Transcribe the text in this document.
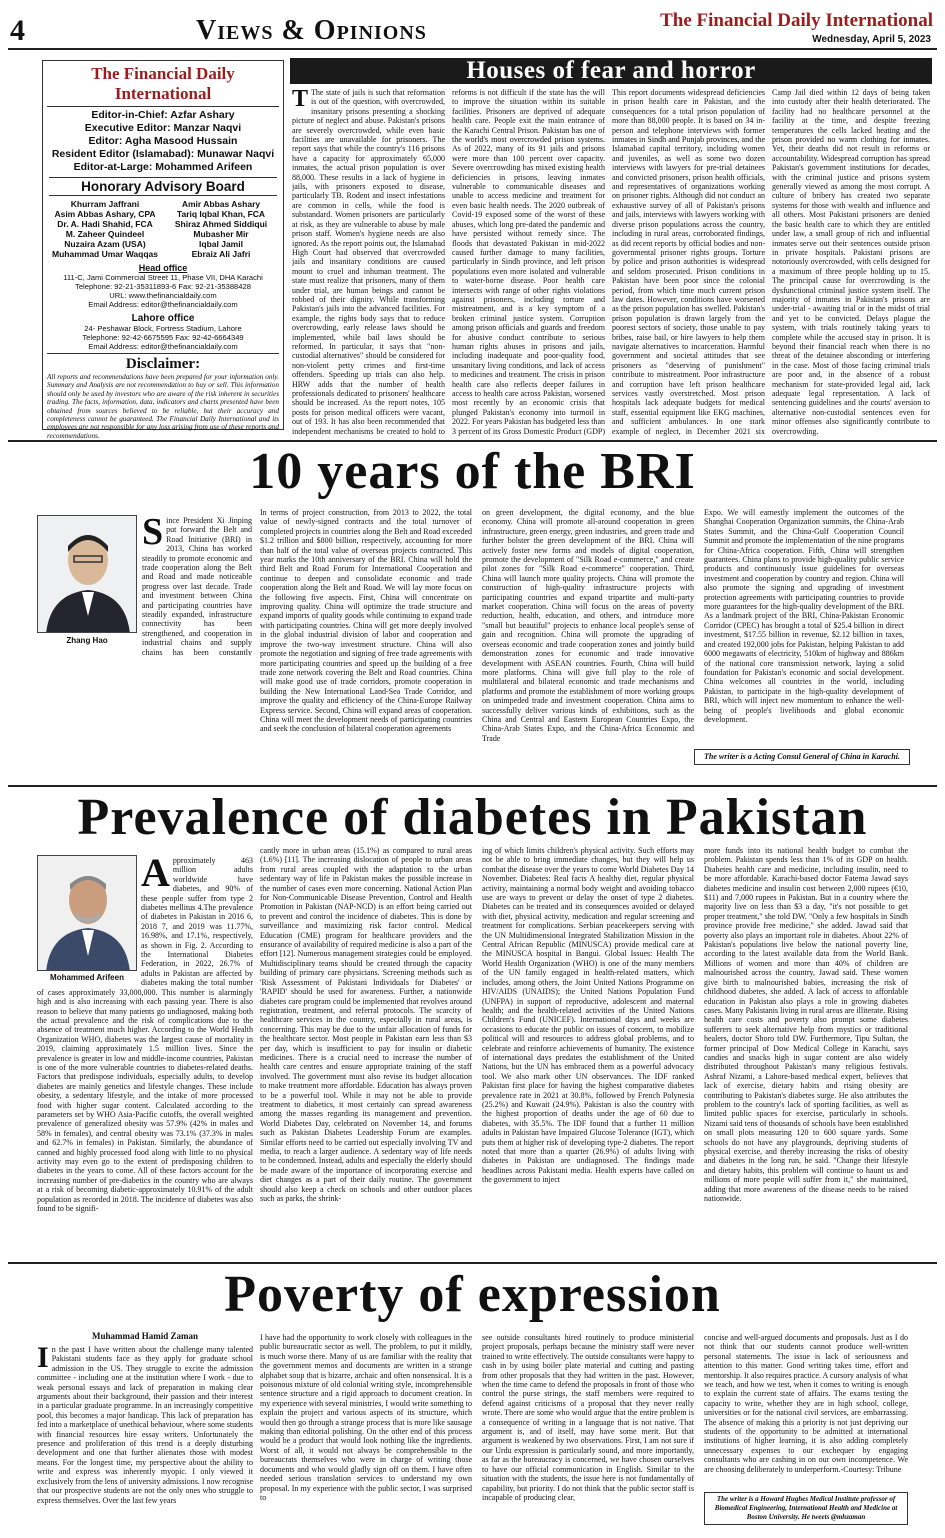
4	Views & Opinions	The Financial Daily International
Wednesday, April 5, 2023
The Financial Daily International
Editor-in-Chief: Azfar Ashary
Executive Editor: Manzar Naqvi
Editor: Agha Masood Hussain
Resident Editor (Islamabad): Munawar Naqvi
Editor-at-Large: Mohammed Arifeen
Honorary Advisory Board
Khurram Jaffrani	Amir Abbas Ashary
Asim Abbas Ashary, CPA	Tariq Iqbal Khan, FCA
Dr. A. Hadi Shahid, FCA	Shiraz Ahmed Siddiqui
M. Zaheer Quindeel	Mubasher Mir
Nuzaira Azam (USA)	Iqbal Jamil
Muhammad Umar Waqqas	Ebraiz Ali Jafri
Head office
111-C, Jami Commercial Street 11, Phase VII, DHA Karachi
Telephone: 92-21-35311893-6 Fax: 92-21-35388428
URL: www.thefinancialdaily.com
Email Address: editor@thefinancialdaily.com
Lahore office
24- Peshawar Block, Fortress Stadium, Lahore
Telephone: 92-42-6675595 Fax: 92-42-6664349
Email Address: editor@thefinancialdaily.com
Disclaimer:
All reports and recommendations have been prepared for your information only. Summary and Analysis are not recommendation to buy or sell. This information should only be used by investors who are aware of the risk inherent in securities trading. The facts, information, data, indicators and charts presented have been obtained from sources believed to be reliable, but their accuracy and completeness cannot be guaranteed. The Financial Daily International and its employees are not responsible for any loss arising from use of these reports and recommendations.
Houses of fear and horror
T The state of jails is such that reformation is out of the question, with overcrowded, insanitary prisons presenting a shocking picture of neglect and abuse. Pakistan's prisons are severely overcrowded, while even basic facilities are unavailable for prisoners. The report says that while the country's 116 prisons have a capacity for approximately 65,000 inmates, the actual prison population is over 88,000. These results in a lack of hygiene in jails, with prisoners exposed to disease, particularly TB. Rodent and insect infestations are common in cells, while the food is substandard. Women prisoners are particularly at risk, as they are vulnerable to abuse by male prison staff. Women's hygiene needs are also ignored. As the report points out, the Islamabad High Court had observed that overcrowded jails and insanitary conditions are caused mount to cruel and inhuman treatment. The state must realize that prisoners, many of them under trial, are human beings and cannot be robbed of their dignity. While transforming Pakistan's jails into the advanced facilities. For example, the rights body says that to reduce overcrowding, early release laws should be implemented, while bail laws should be reformed. In particular, it says that "non-custodial alternatives" should be considered for non-violent petty crimes and first-time offenders. Speeding up trials can also help. HRW adds that the number of health professionals dedicated to prisoners' healthcare should be increased. As the report notes, 105 posts for prison medical officers were vacant, out of 193. It has also been recommended that independent mechanisms be created to hold to
reforms is not difficult if the state has the will to improve the situation within its suitable facilities. Prisoners are deprived of adequate health care. People exit the main entrance of the Karachi Central Prison. Pakistan has one of the world's most overcrowded prison systems. As of 2022, many of its 91 jails and prisons were more than 100 percent over capacity. Severe overcrowding has mixed existing health deficiencies in prisons, leaving inmates vulnerable to communicable diseases and unable to access medicine and treatment for even basic health needs. The 2020 outbreak of Covid-19 exposed some of the worst of these abuses, which long pre-dated the pandemic and have persisted without remedy since. The floods that devastated Pakistan in mid-2022 caused further damage to many facilities, particularly in Sindh province, and left prison populations even more isolated and vulnerable to water-borne disease. Poor health care intersects with range of other rights violations against prisoners, including torture and mistreatment, and is a key symptom of a broken criminal justice system. Corruption among prison officials and guards and freedom for abusive conduct contribute to serious human rights abuses in prisons and jails, including inadequate and poor-quality food, unsanitary living conditions, and lack of access to medicines and treatment. The crisis in prison health care also reflects deeper failures in access to health care across Pakistan, worsened most recently by an economic crisis that plunged Pakistan's economy into turmoil in 2022. For years Pakistan has budgeted less than 3 percent of its Gross Domestic Product (GDP)
This report documents widespread deficiencies in prison health care in Pakistan, and the consequences for a total prison population of more than 88,000 people. It is based on 34 in-person and telephone interviews with former inmates in Sindh and Punjab provinces, and the Islamabad capital territory, including women and juveniles, as well as some two dozen interviews with lawyers for pre-trial detainees and convicted prisoners, prison health officials, and representatives of organizations working on prisoner rights. Although did not conduct an exhaustive survey of all of Pakistan's prisons and jails, interviews with lawyers working with diverse prison populations across the country, including in rural areas, corroborated findings, as did recent reports by official bodies and non-governmental prisoner rights groups. Torture by police and prison authorities is widespread and seldom prosecuted. Prison conditions in Pakistan have been poor since the colonial period, from which time much current prison law dates. However, conditions have worsened as the prison population has swelled. Pakistan's prison population is drawn largely from the poorest sectors of society, those unable to pay bribes, raise bail, or hire lawyers to help them navigate alternatives to incarceration. Harmful government and societal attitudes that see prisoners as "deserving of punishment" contribute to mistreatment. Poor infrastructure and corruption have left prison healthcare services vastly overstretched. Most prison hospitals lack adequate budgets for medical staff, essential equipment like EKG machines, and sufficient ambulances. In one stark example of neglect, in December 2021 six
Camp Jail died within 12 days of being taken into custody after their health deteriorated. The facility had no healthcare personnel at the facility at the time, and despite freezing temperatures the cells lacked heating and the prison provided no warm clothing for inmates. Yet, their deaths did not result in reforms or accountability. Widespread corruption has spread Pakistan's government institutions for decades, with the criminal justice and prisons system generally viewed as among the most corrupt. A culture of bribery has created two separate systems for those with wealth and influence and all others. Most Pakistani prisoners are denied the basic health care to which they are entitled under law, a small group of rich and influential inmates serve out their sentences outside prison in private hospitals. Pakistani prisons are notoriously overcrowded, with cells designed for a maximum of three people holding up to 15. The principal cause for overcrowding is the dysfunctional criminal justice system itself. The majority of inmates in Pakistan's prisons are under-trial - awaiting trial or in the midst of trial and yet to be convicted. Delays plague the system, with trials routinely taking years to complete while the accused stay in prison. It is beyond their financial reach when there is no threat of the detainee absconding or interfering in the case. Most of those facing criminal trials are poor and, in the absence of a robust mechanism for state-provided legal aid, lack adequate legal representation. A lack of sentencing guidelines and the courts' aversion to alternative non-custodial sentences even for minor offenses also significantly contribute to overcrowding.
10 years of the BRI
Zhang Hao
Since President Xi Jinping put forward the Belt and Road Initiative (BRI) in 2013, China has worked steadily to promote economic and trade cooperation along the Belt and Road and made noticeable progress over last decade. Trade and investment between China and participating countries have steadily expanded, infrastructure connectivity has been strengthened, and cooperation in industrial chains and supply chains has been constantly
In terms of project construction, from 2013 to 2022, the total value of newly-signed contracts and the total turnover of completed projects in countries along the Belt and Road exceeded $1.2 trillion and $800 billion, respectively, accounting for more than half of the total value of overseas projects contracted. This year marks the 10th anniversary of the BRI. China will hold the third Belt and Road Forum for International Cooperation and continue to deepen and consolidate economic and trade cooperation along the Belt and Road. We will lay more focus on the following five aspects. First, China will concentrate on improving quality. China will optimize the trade structure and expand imports of quality goods while continuing to expand trade with participating countries. China will get more deeply involved in the global industrial division of labor and cooperation and improve the two-way investment structure. China will also promote the negotiation and signing of free trade agreements with more participating countries and speed up the building of a free trade zone network covering the Belt and Road countries. China will make good use of trade corridors, promote cooperation in building the New International Land-Sea Trade Corridor, and improve the quality and efficiency of the China-Europe Railway Express service. Second, China will expand areas of cooperation. China will meet the development needs of participating countries and seek the conclusion of bilateral cooperation agreements
on green development, the digital economy, and the blue economy. China will promote all-around cooperation in green infrastructure, green energy, green industries, and green trade and further bolster the green development of the BRI. China will actively foster new forms and models of digital cooperation, promote the development of "Silk Road e-commerce," and create pilot zones for "Silk Road e-commerce" cooperation. Third, China will launch more quality projects. China will promote the construction of high-quality infrastructure projects with participating countries and expand tripartite and multi-party market cooperation. China will focus on the areas of poverty reduction, health, education, and others, and introduce more "small but beautiful" projects to enhance local people's sense of gain and recognition. China will promote the upgrading of overseas economic and trade cooperation zones and jointly build demonstration zones for economic and trade innovative development with ASEAN countries. Fourth, China will build more platforms. China will give full play to the role of multilateral and bilateral economic and trade mechanisms and platforms and promote the establishment of more working groups on unimpeded trade and investment cooperation. China aims to successfully deliver various kinds of exhibitions, such as the China and Central and Eastern European Countries Expo, the China-Arab States Expo, and the China-Africa Economic and Trade
Expo. We will earnestly implement the outcomes of the Shanghai Cooperation Organization summits, the China-Arab States Summit, and the China-Gulf Cooperation Council Summit and promote the implementation of the nine programs for China-Africa cooperation. Fifth, China will strengthen guarantees. China plans to provide high-quality public service products and continuously issue guidelines for overseas investment and cooperation by country and region. China will also promote the signing and upgrading of investment protection agreements with participating countries to provide more guarantees for the high-quality development of the BRI. As a landmark project of the BRI, China-Pakistan Economic Corridor (CPEC) has brought a total of $25.4 billion in direct investment, $17.55 billion in revenue, $2.12 billion in taxes, and created 192,000 jobs for Pakistan, helping Pakistan to add 6000 megawatts of electricity, 510km of highway and 886km of the national core transmission network, laying a solid foundation for Pakistan's economic and social development. China welcomes all countries in the world, including Pakistan, to participate in the high-quality development of BRI, which will inject new momentum to enhance the well-being of people's livelihoods and global economic development.
The writer is a Acting Consul General of China in Karachi.
Prevalence of diabetes in Pakistan
Mohammed Arifeen
Approximately 463 million adults worldwide have diabetes, and 90% of these people suffer from type 2 diabetes mellitus 4.The prevalence of diabetes in Pakistan in 2016 6, 2018 7, and 2019 was 11.77%, 16.98%, and 17.1%, respectively, as shown in Fig. 2. According to the International Diabetes Federation, in 2022, 26.7% of adults in Pakistan are affected by diabetes making the total number of cases approximately 33,000,000. This number is alarmingly high and is also increasing with each passing year. There is also reason to believe that many patients go undiagnosed, making both the actual prevalence and the risk of complications due to the absence of treatment much higher. According to the World Health Organization WHO, diabetes was the largest cause of mortality in 2019, claiming approximately 1.5 million lives. Since the prevalence is greater in low and middle-income countries, Pakistan is one of the more vulnerable countries to diabetes-related deaths. Factors that predispose individuals, especially adults, to develop diabetes are mainly genetics and lifestyle changes. These include obesity, a sedentary lifestyle, and the intake of more processed food with higher sugar content. Calculated according to the parameters set by WHO Asia-Pacific cutoffs, the overall weighted prevalence of generalized obesity was 57.9% (42% in males and 58% in females), and central obesity was 73.1% (37.3% in males and 62.7% in females) in Pakistan. Similarly, the abundance of canned and highly processed food along with little to no physical activity may even go to the extent of predisposing children to diabetes in the years to come. All of these factors account for the increasing number of pre-diabetics in the country who are always at a risk of becoming diabetic-approximately 10.91% of the adult population as recorded in 2018. The incidence of diabetes was also found to be signifi-
cantly more in urban areas (15.1%) as compared to rural areas (1.6%) [11]. The increasing dislocation of people to urban areas from rural areas coupled with the adaptation to the urban sedentary way of life in Pakistan makes the possible increase in the number of cases even more concerning. National Action Plan for Non-Communicable Disease Prevention, Control and Health Promotion in Pakistan (NAP-NCD) is an effort being carried out to prevent and control the incidence of diabetes. This is done by surveillance and maximizing risk factor control. Medical Education (CME) program for healthcare providers and the ensurance of availability of required medicine is also a part of the effort [12]. Numerous management strategies could be employed. Multidisciplinary teams should be created through the capacity building of primary care physicians. Screening methods such as 'Risk Assessment of Pakistani Individuals for Diabetes' or 'RAPID' should be used for awareness. Further, a nationwide diabetes care program could be implemented that revolves around registration, treatment, and referral protocols. The scarcity of healthcare services in the country, especially in rural areas, is concerning. This may be due to the unfair allocation of funds for the healthcare sector. Most people in Pakistan earn less than $3 per day, which is insufficient to pay for insulin or diabetic medicines. There is a crucial need to increase the number of health care centres and ensure appropriate training of the staff involved. The government must also revise its budget allocation to make treatment more affordable. Education has always proven to be a powerful tool. While it may not be able to provide treatment to diabetics, it most certainly can spread awareness among the masses regarding its management and prevention. World Diabetes Day, celebrated on November 14, and forums such as Pakistan Diabetes Leadership Forum are examples. Similar efforts need to be carried out especially involving TV and media, to reach a larger audience. A sedentary way of life needs to be condemned. Instead, adults and especially the elderly should be made aware of the importance of incorporating exercise and diet changes as a part of their daily routine. The government should also keep a check on schools and other outdoor places such as parks, the shrink-
ing of which limits children's physical activity. Such efforts may not be able to bring immediate changes, but they will help us combat the disease over the years to come World Diabetes Day 14 November. Diabetes: Real facts A healthy diet, regular physical activity, maintaining a normal body weight and avoiding tobacco use are ways to prevent or delay the onset of type 2 diabetes. Diabetes can be treated and its consequences avoided or delayed with diet, physical activity, medication and regular screening and treatment for complications. Serbian peacekeepers serving with the UN Multidimensional Integrated Stabilization Mission in the Central African Republic (MINUSCA) provide medical care at the MINUSCA hospital in Bangui. Global Issues: Health The World Health Organization (WHO) is one of the many members of the UN family engaged in health-related matters, which includes, among others, the Joint United Nations Programme on HIV/AIDS (UNAIDS); the United Nations Population Fund (UNFPA) in support of reproductive, adolescent and maternal health; and the health-related activities of the United Nations Children's Fund (UNICEF). International days and weeks are occasions to educate the public on issues of concern, to mobilize political will and resources to address global problems, and to celebrate and reinforce achievements of humanity. The existence of international days predates the establishment of the United Nations, but the UN has embraced them as a powerful advocacy tool. We also mark other UN observances. The IDF ranked Pakistan first place for having the highest comparative diabetes prevalence rate in 2021 at 30.8%, followed by French Polynesia (25.2%) and Kuwait (24.9%). Pakistan is also the country with the highest proportion of deaths under the age of 60 due to diabetes, with 35.5%. The IDF found that a further 11 million adults in Pakistan have Impaired Glucose Tolerance (IGT), which puts them at higher risk of developing type-2 diabetes. The report noted that more than a quarter (26.9%) of adults living with diabetes in Pakistan are undiagnosed. The findings made headlines across Pakistani media. Health experts have called on the government to inject
more funds into its national health budget to combat the problem. Pakistan spends less than 1% of its GDP on health. Diabetes health care and medicine, including insulin, need to be more affordable. Karachi-based doctor Fatema Jawad says diabetes medicine and insulin cost between 2,000 rupees (€10, $11) and 7,000 rupees in Pakistan. But in a country where the majority live on less than $3 a day, "it's not possible to get proper treatment," she told DW. "Only a few hospitals in Sindh province provide free medicine," she added. Jawad said that poverty also plays an important role in diabetes. About 22% of Pakistan's populations live below the national poverty line, according to the latest available data from the World Bank. Millions of women and more than 40% of children are malnourished across the country, Jawad said. These women give birth to malnourished babies, increasing the risk of childhood diabetes, she added. A lack of access to affordable education in Pakistan also plays a role in growing diabetes cases. Many Pakistanis living in rural areas are illiterate. Rising health care costs and poverty also prompt some diabetes sufferers to seek alternative help from mystics or traditional healers, doctor Shoro told DW. Furthermore, Tipu Sultan, the former principal of Dow Medical College in Karachi, says candies and snacks high in sugar content are also widely distributed throughout Pakistan's many religious festivals. Ashraf Nizami, a Lahore-based medical expert, believes that lack of exercise, dietary habits and rising obesity are contributing to Pakistan's diabetes surge. He also attributes the problem to the country's lack of sporting facilities, as well as limited public spaces for exercise, particularly in schools. Nizami said tens of thousands of schools have been established on small plots measuring 120 to 600 square yards. Some schools do not have any playgrounds, depriving students of physical exercise, and thereby increasing the risks of obesity and diabetes in the long run, he said. "Change their lifestyle and dietary habits, this problem will continue to haunt us and millions of more people will suffer from it," she maintained, adding that more awareness of the disease needs to be raised nationwide.
Poverty of expression
Muhammad Hamid Zaman
In the past I have written about the challenge many talented Pakistani students face as they apply for graduate school admission in the US. They struggle to excite the admission committee - including one at the institution where I work - due to weak personal essays and lack of preparation in making clear arguments about their background, their passion and their interest in a particular graduate programme. In an increasingly competitive pool, this becomes a major handicap. This lack of preparation has fed into a marketplace of unethical behaviour, where some students with financial resources hire essay writers. Unfortunately the presence and proliferation of this trend is a deeply disturbing development and one that further alienates those with modest means. For the longest time, my perspective about the ability to write and express was inherently myopic. I only viewed it exclusively from the lens of university admissions. I now recognise that our prospective students are not the only ones who struggle to express themselves. Over the last few years
I have had the opportunity to work closely with colleagues in the public bureaucratic sector as well. The problem, to put it mildly, is much worse there. Many of us are familiar with the reality that the government memos and documents are written in a strange alphabet soup that is bizarre, archaic and often nonsensical. It is a poisonous mixture of old colonial writing style, incomprehensible sentence structure and a rigid approach to document creation. In my experience with several ministries, I would write something to explain the project and various aspects of its structure, which would then go through a strange process that is more like sausage making than editorial polishing. On the other end of this process would be a product that would look nothing like the ingredients. Worst of all, it would not always be comprehensible to the bureaucrats themselves who were in charge of writing those documents and who would gladly sign off on them. I have often needed serious translation services to understand my own proposal. In my experience with the public sector, I was surprised to
see outside consultants hired routinely to produce ministerial project proposals, perhaps because the ministry staff were never trained to write effectively. The outside consultants were happy to cash in by using boiler plate material and cutting and pasting from other proposals that they had written in the past. However, when the time came to defend the proposals in front of those who control the purse strings, the staff members were required to defend against criticisms of a proposal that they never really wrote. There are some who would argue that the entire problem is a consequence of writing in a language that is not native. That argument is, and of itself, may have some merit. But that argument is weakened by two observations. First, I am not sure if our Urdu expression is particularly sound, and more importantly, as far as the bureaucracy is concerned, we have chosen ourselves to have our official communication in English. Similar to the situation with the students, the issue here is not fundamentally of capability, but priority. I do not think that the public sector staff is incapable of producing clear,
concise and well-argued documents and proposals. Just as I do not think that our students cannot produce well-written personal statements. The issue is lack of seriousness and attention to this matter. Good writing takes time, effort and mentorship. It also requires practice. A cursory analysis of what we teach, and how we test, when it comes to writing is enough to explain the current state of affairs. The exams testing the capacity to write, whether they are in high school, college, universities or for the national civil services, are embarrassing. The absence of making this a priority is not just depriving our students of the opportunity to be admitted at international institutions of higher learning, it is also adding completely unnecessary expenses to our exchequer by engaging consultants who are cashing in on our own incompetence. We are choosing deliberately to underperform.-Courtesy: Tribune
The writer is a Howard Hughes Medical Institute professor of Biomedical Engineering, International Health and Medicine at Boston University. He tweets @mhzaman
